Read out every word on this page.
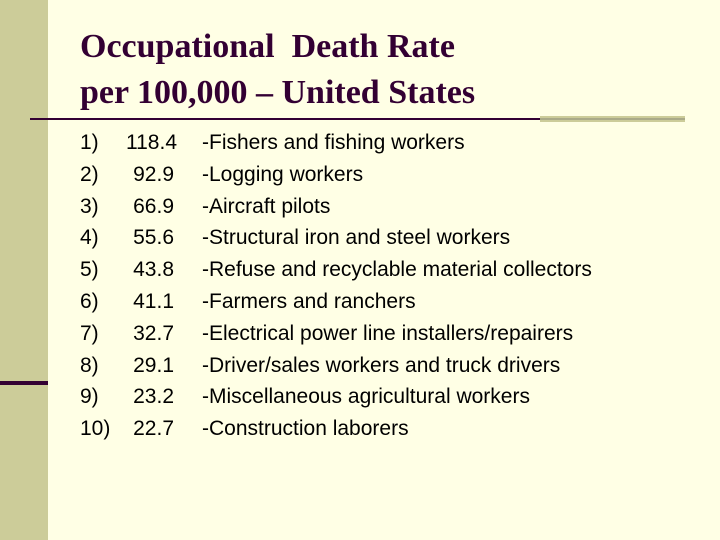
Occupational  Death Rate
per 100,000 – United States
1) 118.4 -Fishers and fishing workers
2)	92.9 -Logging workers
3)	66.9 -Aircraft pilots
4)	55.6 -Structural iron and steel workers
5)	43.8 -Refuse and recyclable material collectors
6)	41.1 -Farmers and ranchers
7)	32.7 -Electrical power line installers/repairers
8)	29.1 -Driver/sales workers and truck drivers
9)	23.2 -Miscellaneous agricultural workers
10)	22.7 -Construction laborers
